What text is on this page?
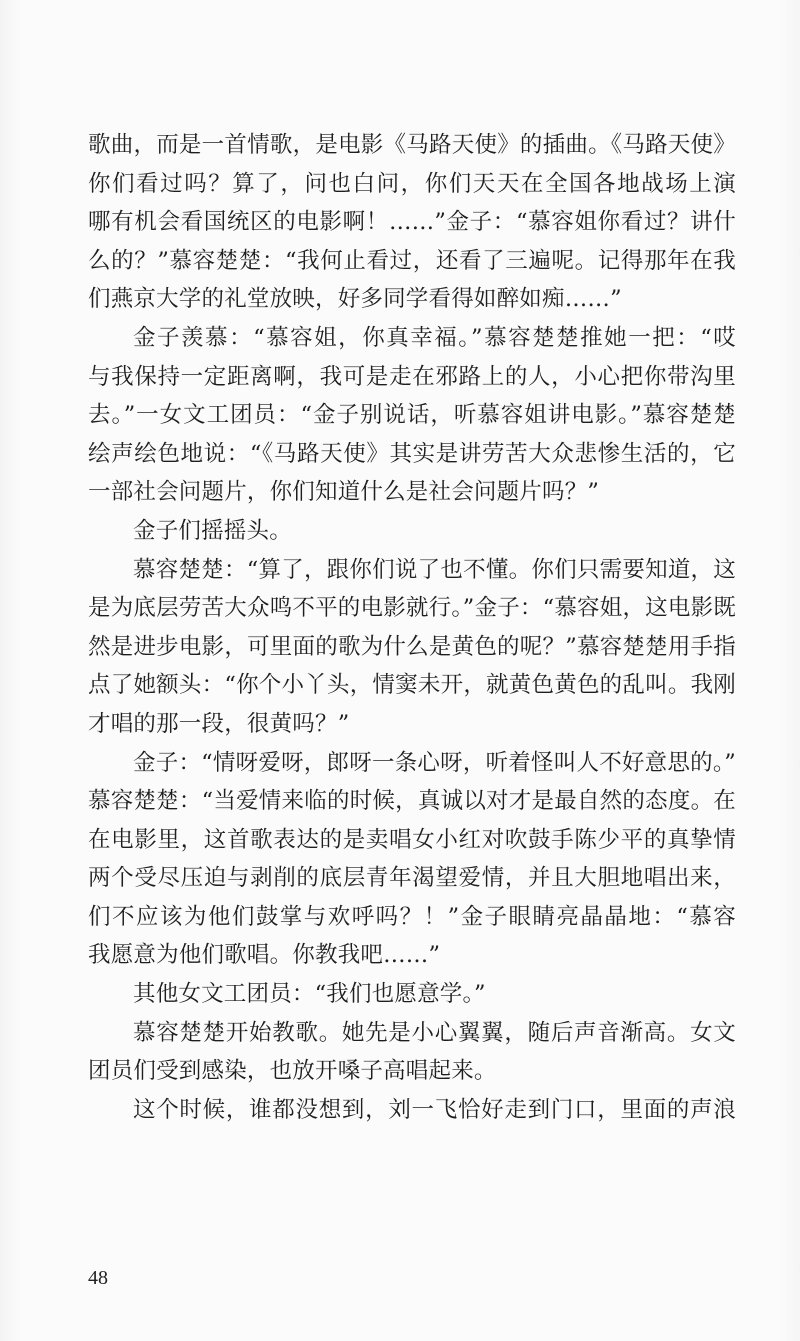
歌曲，而是一首情歌，是电影《马路天使》的插曲。《马路天使》
你们看过吗？算了，问也白问，你们天天在全国各地战场上演
哪有机会看国统区的电影啊！……”金子：“慕容姐你看过？讲什
么的？”慕容楚楚：“我何止看过，还看了三遍呢。记得那年在我
们燕京大学的礼堂放映，好多同学看得如醉如痴……”
金子羡慕：“慕容姐，你真幸福。”慕容楚楚推她一把：“哎
与我保持一定距离啊，我可是走在邪路上的人，小心把你带沟里
去。”一女文工团员：“金子别说话，听慕容姐讲电影。”慕容楚楚
绘声绘色地说：“《马路天使》其实是讲劳苦大众悲惨生活的，它
一部社会问题片，你们知道什么是社会问题片吗？”
金子们摇摇头。
慕容楚楚：“算了，跟你们说了也不懂。你们只需要知道，这
是为底层劳苦大众鸣不平的电影就行。”金子：“慕容姐，这电影既
然是进步电影，可里面的歌为什么是黄色的呢？”慕容楚楚用手指
点了她额头：“你个小丫头，情窦未开，就黄色黄色的乱叫。我刚
才唱的那一段，很黄吗？”
金子：“情呀爱呀，郎呀一条心呀，听着怪叫人不好意思的。”
慕容楚楚：“当爱情来临的时候，真诚以对才是最自然的态度。在
在电影里，这首歌表达的是卖唱女小红对吹鼓手陈少平的真挚情
两个受尽压迫与剥削的底层青年渴望爱情，并且大胆地唱出来，
们不应该为他们鼓掌与欢呼吗？！”金子眼睛亮晶晶地：“慕容
我愿意为他们歌唱。你教我吧……”
其他女文工团员：“我们也愿意学。”
慕容楚楚开始教歌。她先是小心翼翼，随后声音渐高。女文
团员们受到感染，也放开嗓子高唱起来。
这个时候，谁都没想到，刘一飞恰好走到门口，里面的声浪
48
